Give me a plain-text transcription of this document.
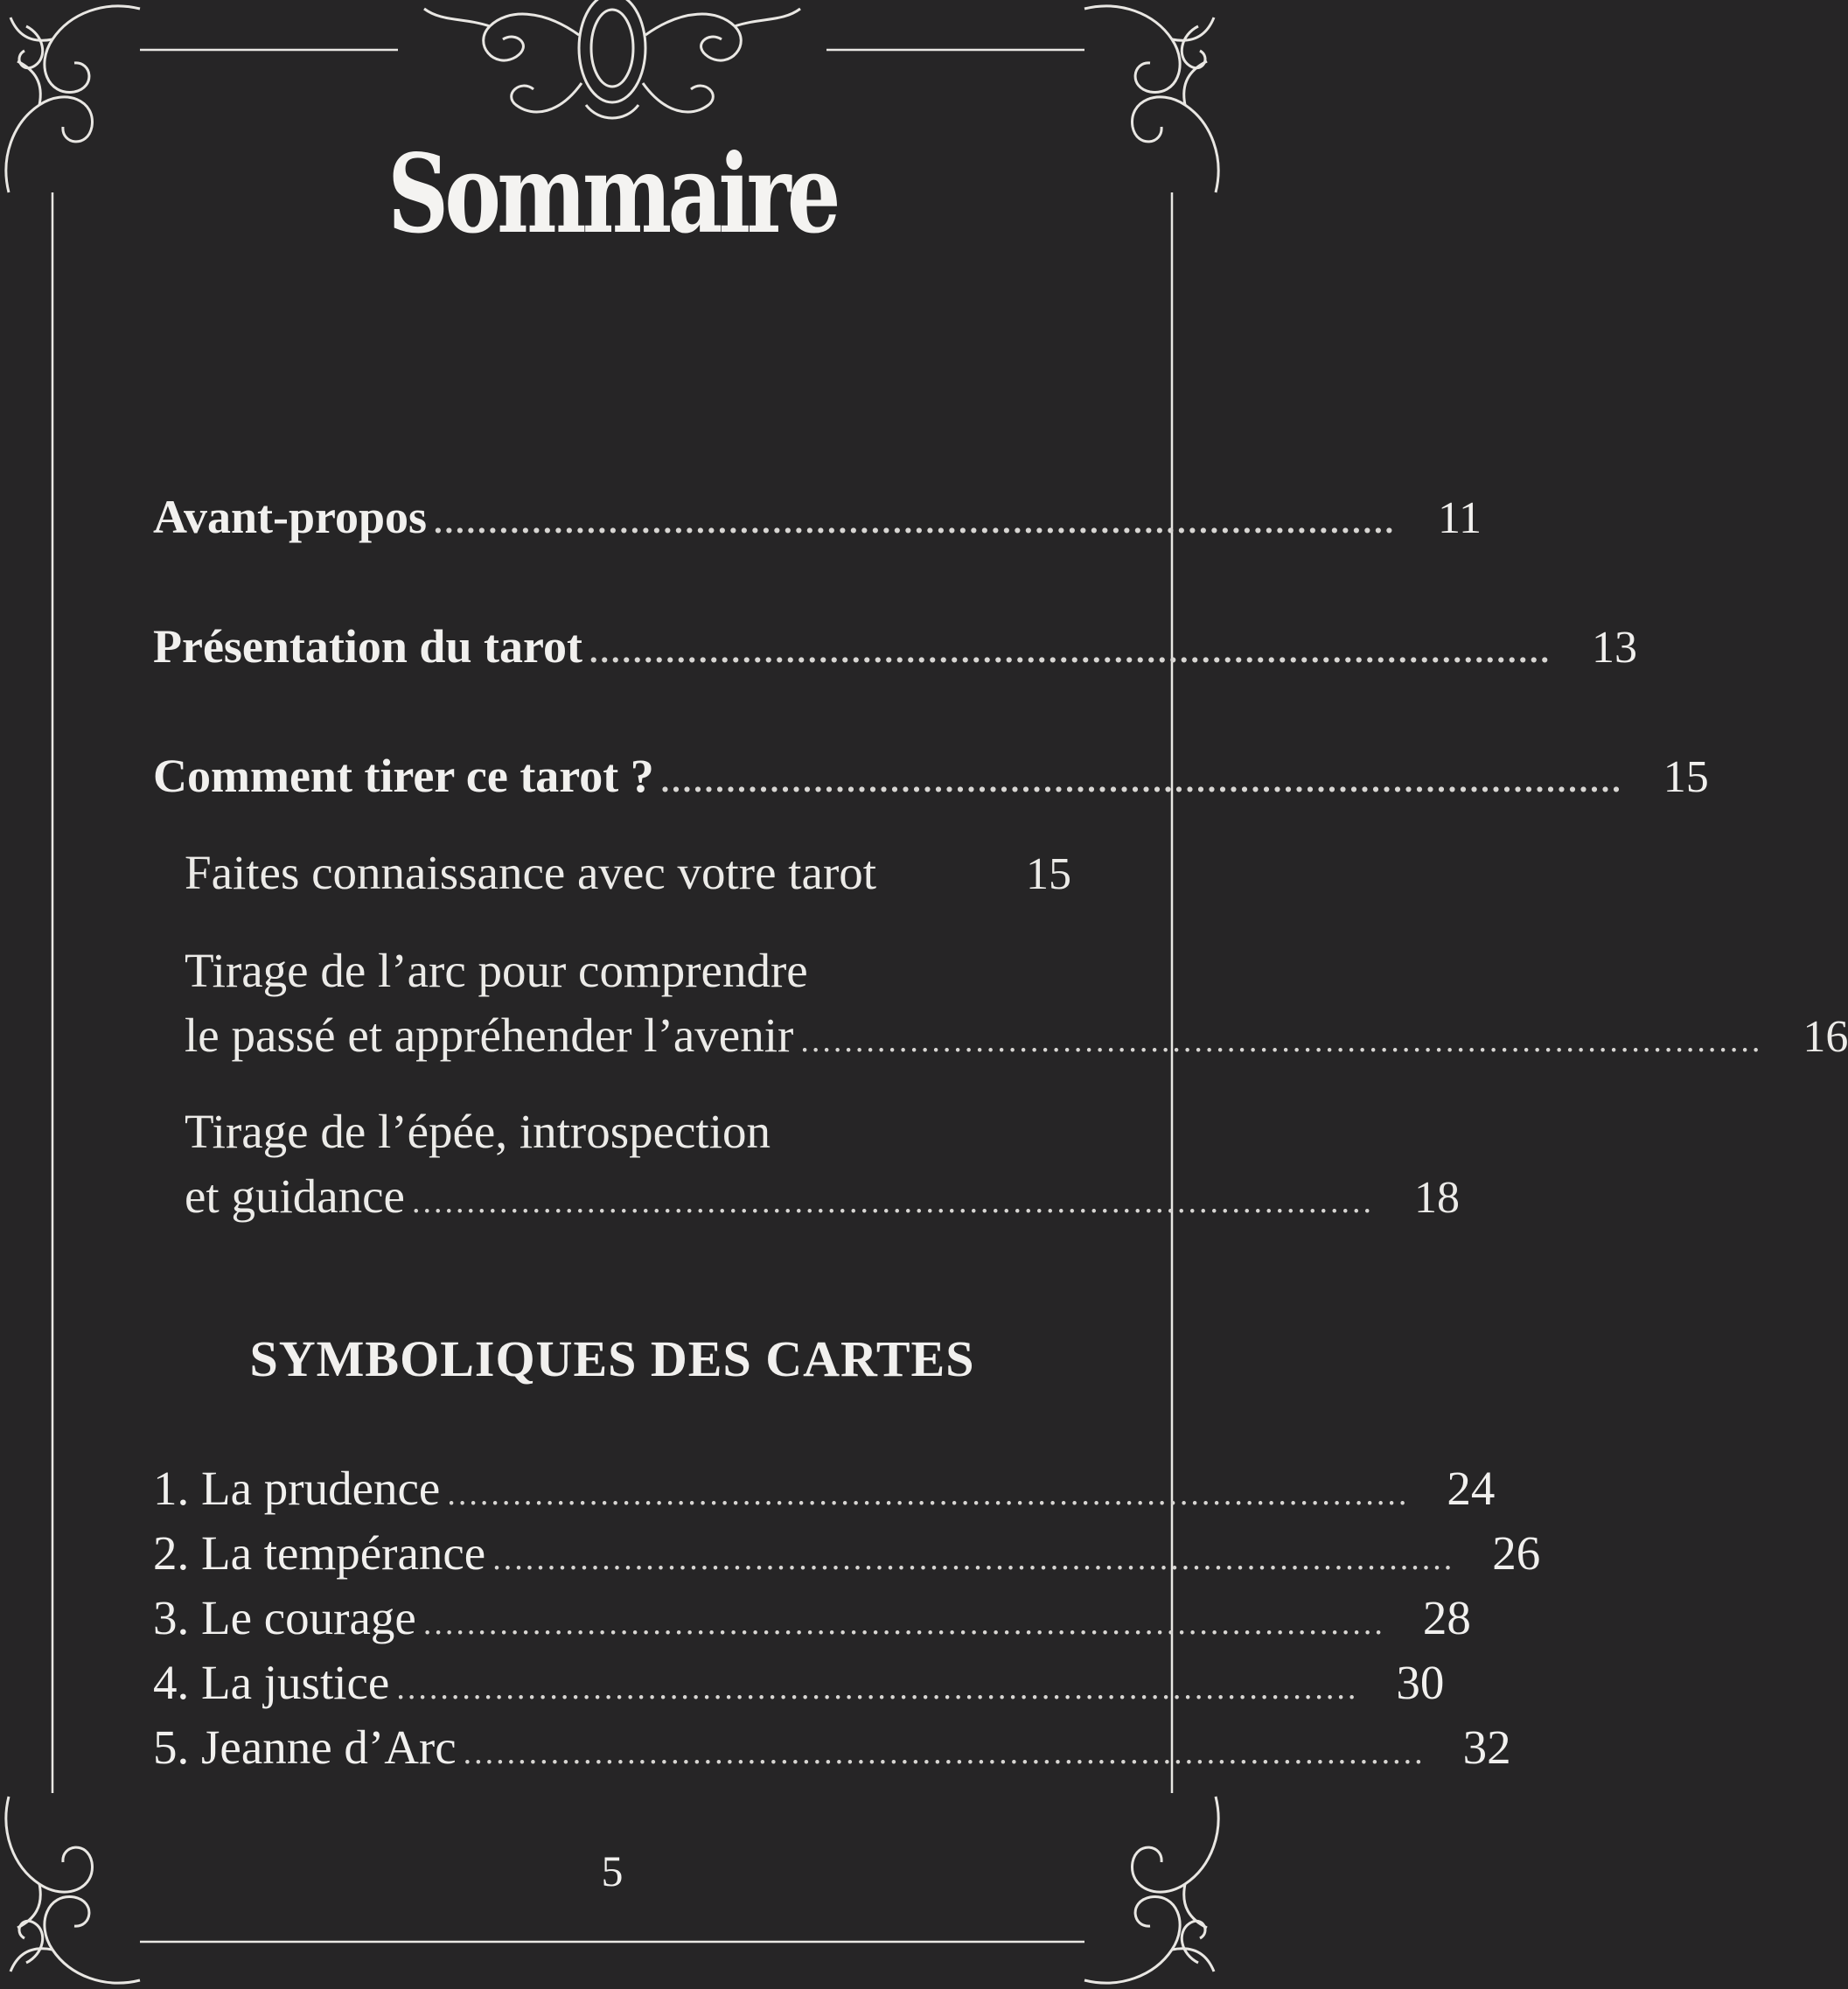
Sommaire
Avant-propos ........................................................................................ 11
Présentation du tarot ........................................................................................ 13
Comment tirer ce tarot ? ........................................................................................ 15
Faites connaissance avec votre tarot	15
Tirage de l’arc pour comprendre
le passé et appréhender l’avenir ........................................................................................ 16
Tirage de l’épée, introspection
et guidance ........................................................................................ 18
SYMBOLIQUES DES CARTES
1. La prudence ........................................................................................ 24
2. La tempérance ........................................................................................ 26
3. Le courage ........................................................................................ 28
4. La justice ........................................................................................ 30
5. Jeanne d’Arc ........................................................................................ 32
5
